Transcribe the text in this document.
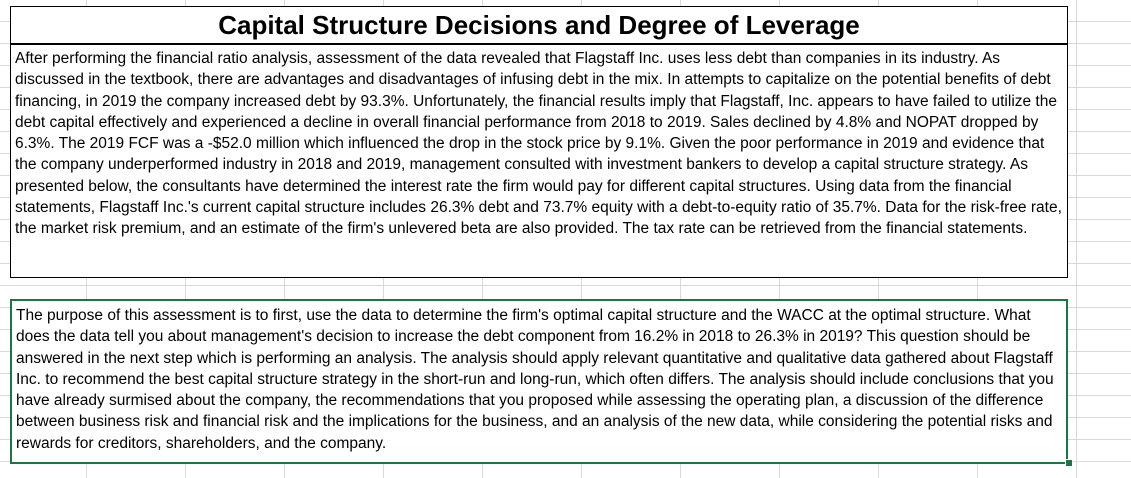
Capital Structure Decisions and Degree of Leverage
After performing the financial ratio analysis, assessment of the data revealed that Flagstaff Inc. uses less debt than companies in its industry. As discussed in the textbook, there are advantages and disadvantages of infusing debt in the mix. In attempts to capitalize on the potential benefits of debt financing, in 2019 the company increased debt by 93.3%. Unfortunately, the financial results imply that Flagstaff, Inc. appears to have failed to utilize the debt capital effectively and experienced a decline in overall financial performance from 2018 to 2019. Sales declined by 4.8% and NOPAT dropped by 6.3%. The 2019 FCF was a -$52.0 million which influenced the drop in the stock price by 9.1%. Given the poor performance in 2019 and evidence that the company underperformed industry in 2018 and 2019, management consulted with investment bankers to develop a capital structure strategy. As presented below, the consultants have determined the interest rate the firm would pay for different capital structures. Using data from the financial statements, Flagstaff Inc.'s current capital structure includes 26.3% debt and 73.7% equity with a debt-to-equity ratio of 35.7%. Data for the risk-free rate, the market risk premium, and an estimate of the firm's unlevered beta are also provided. The tax rate can be retrieved from the financial statements.
The purpose of this assessment is to first, use the data to determine the firm's optimal capital structure and the WACC at the optimal structure. What does the data tell you about management's decision to increase the debt component from 16.2% in 2018 to 26.3% in 2019? This question should be answered in the next step which is performing an analysis. The analysis should apply relevant quantitative and qualitative data gathered about Flagstaff Inc. to recommend the best capital structure strategy in the short-run and long-run, which often differs. The analysis should include conclusions that you have already surmised about the company, the recommendations that you proposed while assessing the operating plan, a discussion of the difference between business risk and financial risk and the implications for the business, and an analysis of the new data, while considering the potential risks and rewards for creditors, shareholders, and the company.
